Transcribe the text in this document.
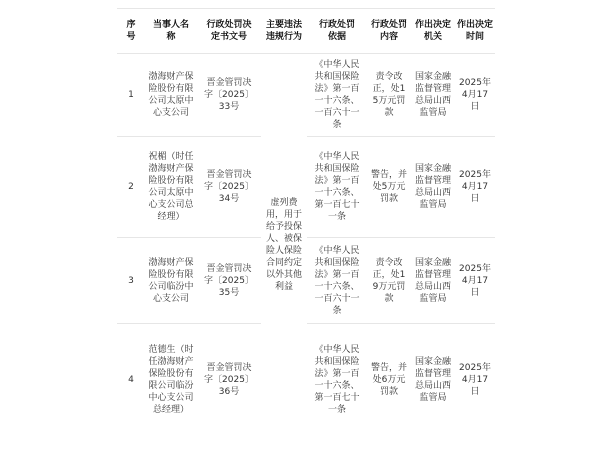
序号	当事人名称	行政处罚决定书文号	主要违法违规行为	行政处罚依据	行政处罚内容	作出决定机关	作出决定时间

1	渤海财产保险股份有限公司太原中心支公司	晋金管罚决字〔2025〕33号	虚列费用，用于给予投保人、被保险人保险合同约定以外其他利益	《中华人民共和国保险法》第一百一十六条、一百六十一条	责令改正，处15万元罚款	国家金融监督管理总局山西监管局	2025年4月17日

2	祝楣（时任渤海财产保险股份有限公司太原中心支公司总经理）	晋金管罚决字〔2025〕34号		《中华人民共和国保险法》第一百一十六条、第一百七十一条	警告，并处5万元罚款	国家金融监督管理总局山西监管局	2025年4月17日

3	渤海财产保险股份有限公司临汾中心支公司	晋金管罚决字〔2025〕35号		《中华人民共和国保险法》第一百一十六条、一百六十一条	责令改正，处19万元罚款	国家金融监督管理总局山西监管局	2025年4月17日

4	范德生（时任渤海财产保险股份有限公司临汾中心支公司总经理）	晋金管罚决字〔2025〕36号		《中华人民共和国保险法》第一百一十六条、第一百七十一条	警告，并处6万元罚款	国家金融监督管理总局山西监管局	2025年4月17日
